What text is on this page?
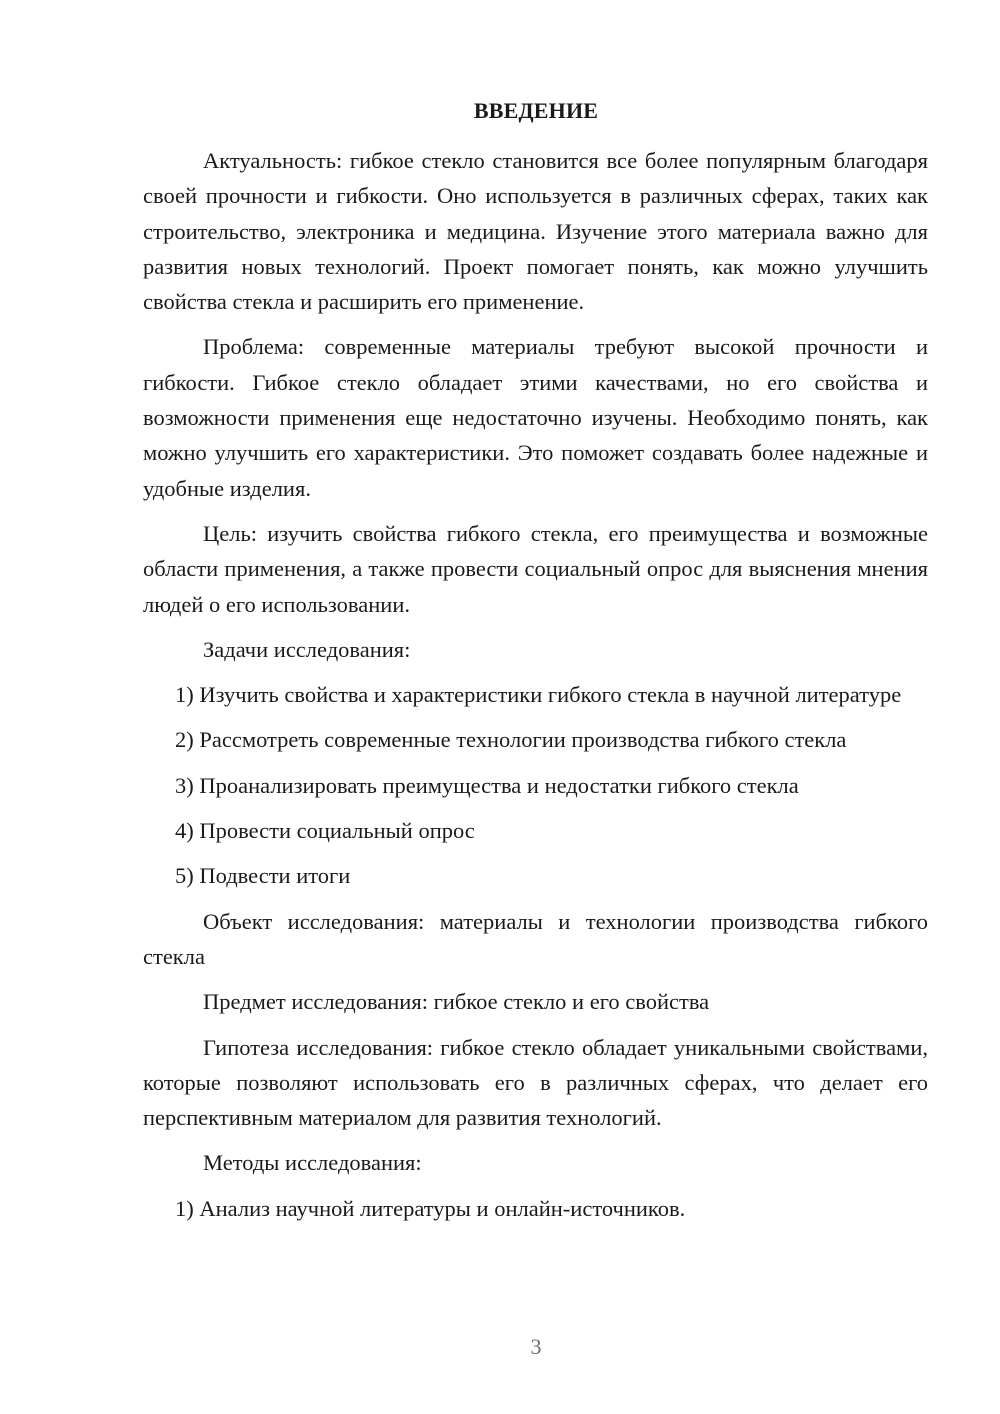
ВВЕДЕНИЕ

Актуальность: гибкое стекло становится все более популярным благодаря своей прочности и гибкости. Оно используется в различных сферах, таких как строительство, электроника и медицина. Изучение этого материала важно для развития новых технологий. Проект помогает понять, как можно улучшить свойства стекла и расширить его применение.

Проблема: современные материалы требуют высокой прочности и гибкости. Гибкое стекло обладает этими качествами, но его свойства и возможности применения еще недостаточно изучены. Необходимо понять, как можно улучшить его характеристики. Это поможет создавать более надежные и удобные изделия.

Цель: изучить свойства гибкого стекла, его преимущества и возможные области применения, а также провести социальный опрос для выяснения мнения людей о его использовании.

Задачи исследования:

1) Изучить свойства и характеристики гибкого стекла в научной литературе

2) Рассмотреть современные технологии производства гибкого стекла

3) Проанализировать преимущества и недостатки гибкого стекла

4) Провести социальный опрос

5) Подвести итоги

Объект исследования: материалы и технологии производства гибкого стекла

Предмет исследования: гибкое стекло и его свойства

Гипотеза исследования: гибкое стекло обладает уникальными свойствами, которые позволяют использовать его в различных сферах, что делает его перспективным материалом для развития технологий.

Методы исследования:

1) Анализ научной литературы и онлайн-источников.

3
